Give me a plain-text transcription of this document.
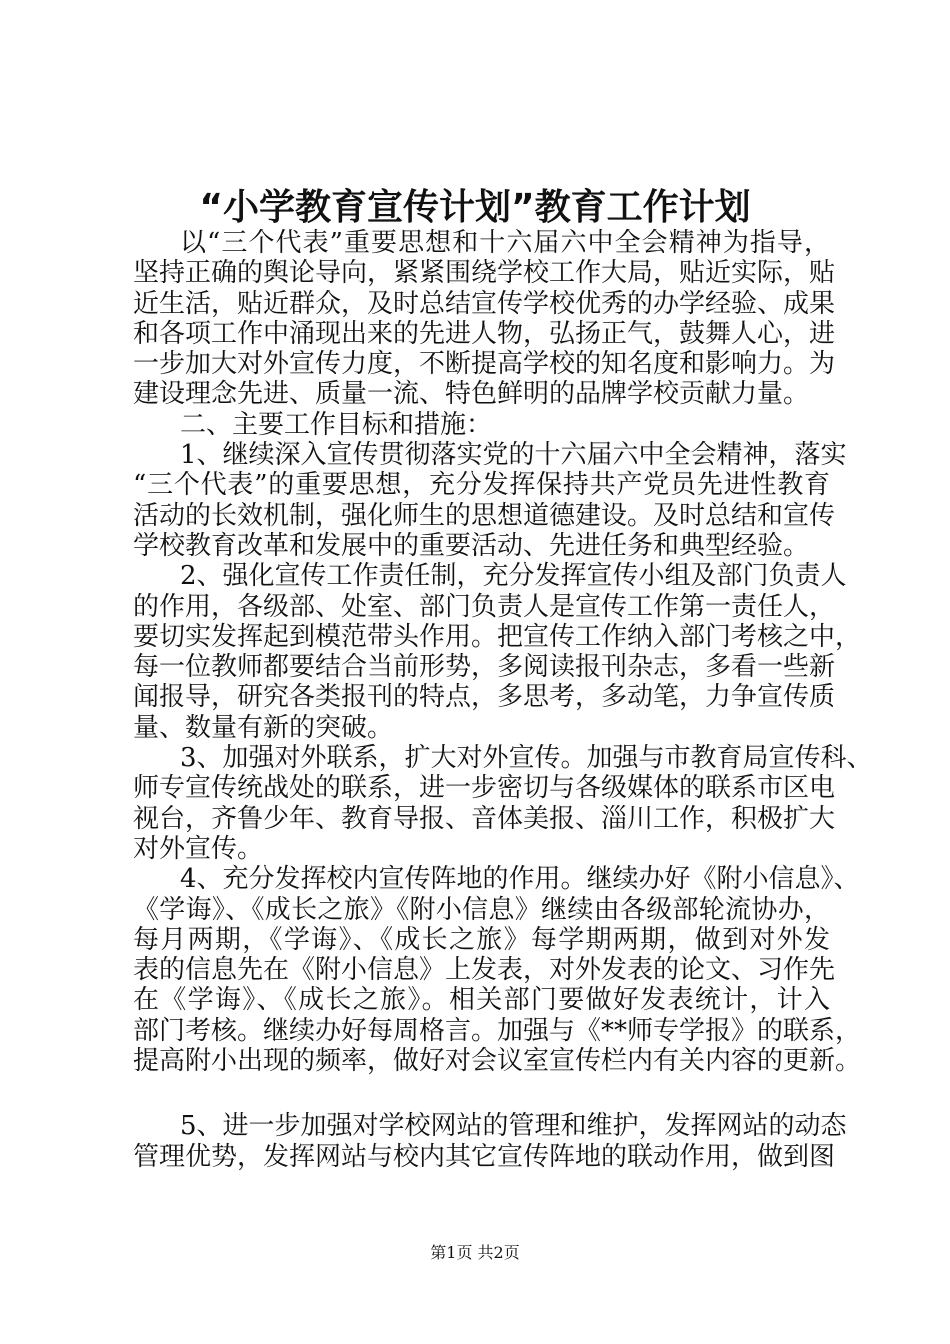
“小学教育宣传计划”教育工作计划
以“三个代表”重要思想和十六届六中全会精神为指导，
坚持正确的舆论导向，紧紧围绕学校工作大局，贴近实际，贴
近生活，贴近群众，及时总结宣传学校优秀的办学经验、成果
和各项工作中涌现出来的先进人物，弘扬正气，鼓舞人心，进
一步加大对外宣传力度，不断提高学校的知名度和影响力。为
建设理念先进、质量一流、特色鲜明的品牌学校贡献力量。
二、主要工作目标和措施：
1、继续深入宣传贯彻落实党的十六届六中全会精神，落实
“三个代表”的重要思想，充分发挥保持共产党员先进性教育
活动的长效机制，强化师生的思想道德建设。及时总结和宣传
学校教育改革和发展中的重要活动、先进任务和典型经验。
2、强化宣传工作责任制，充分发挥宣传小组及部门负责人
的作用，各级部、处室、部门负责人是宣传工作第一责任人，
要切实发挥起到模范带头作用。把宣传工作纳入部门考核之中，
每一位教师都要结合当前形势，多阅读报刊杂志，多看一些新
闻报导，研究各类报刊的特点，多思考，多动笔，力争宣传质
量、数量有新的突破。
3、加强对外联系，扩大对外宣传。加强与市教育局宣传科、
师专宣传统战处的联系，进一步密切与各级媒体的联系市区电
视台，齐鲁少年、教育导报、音体美报、淄川工作，积极扩大
对外宣传。
4、充分发挥校内宣传阵地的作用。继续办好《附小信息》、
《学诲》、《成长之旅》《附小信息》继续由各级部轮流协办，
每月两期，《学诲》、《成长之旅》每学期两期，做到对外发
表的信息先在《附小信息》上发表，对外发表的论文、习作先
在《学诲》、《成长之旅》。相关部门要做好发表统计，计入
部门考核。继续办好每周格言。加强与《**师专学报》的联系，
提高附小出现的频率，做好对会议室宣传栏内有关内容的更新。
5、进一步加强对学校网站的管理和维护，发挥网站的动态
管理优势，发挥网站与校内其它宣传阵地的联动作用，做到图
第1页 共2页
